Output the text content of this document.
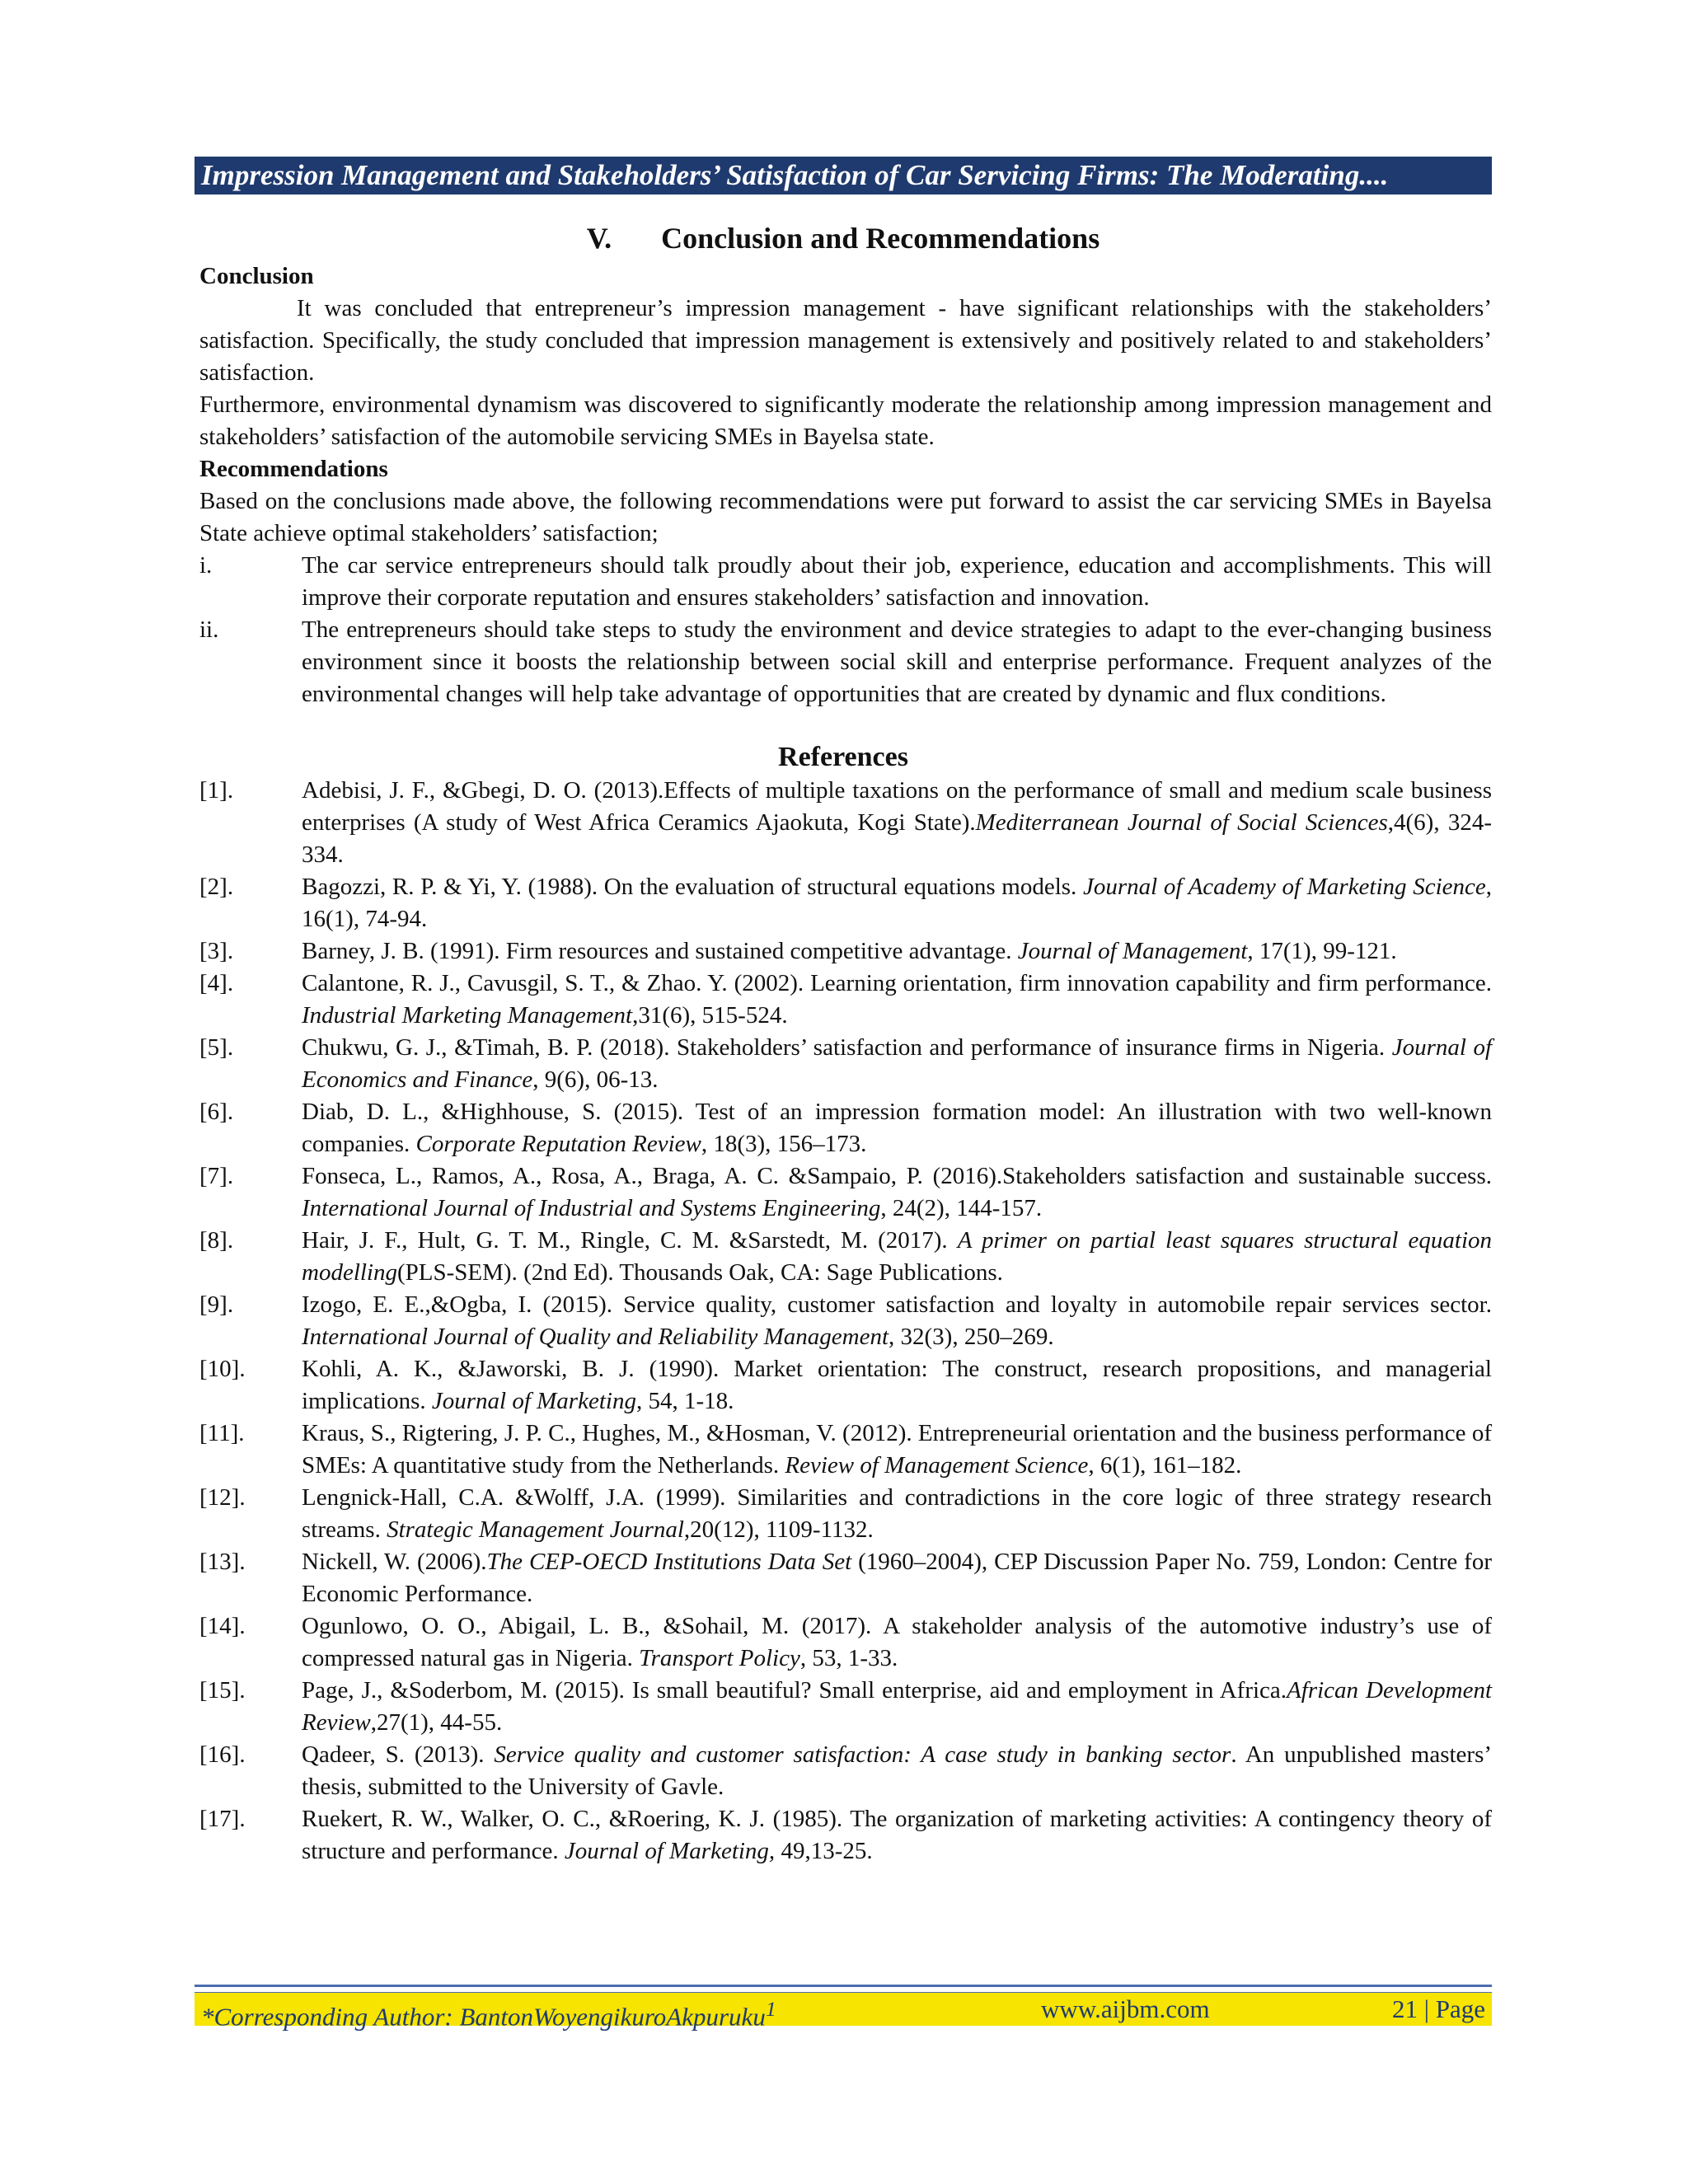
Impression Management and Stakeholders’ Satisfaction of Car Servicing Firms: The Moderating....
V. Conclusion and Recommendations
Conclusion

It was concluded that entrepreneur’s impression management - have significant relationships with the stakeholders’ satisfaction. Specifically, the study concluded that impression management is extensively and positively related to and stakeholders’ satisfaction.

Furthermore, environmental dynamism was discovered to significantly moderate the relationship among impression management and stakeholders’ satisfaction of the automobile servicing SMEs in Bayelsa state.

Recommendations

Based on the conclusions made above, the following recommendations were put forward to assist the car servicing SMEs in Bayelsa State achieve optimal stakeholders’ satisfaction;

i.	The car service entrepreneurs should talk proudly about their job, experience, education and accomplishments. This will improve their corporate reputation and ensures stakeholders’ satisfaction and innovation.
ii.	The entrepreneurs should take steps to study the environment and device strategies to adapt to the ever-changing business environment since it boosts the relationship between social skill and enterprise performance. Frequent analyzes of the environmental changes will help take advantage of opportunities that are created by dynamic and flux conditions.
References
[1].	Adebisi, J. F., &Gbegi, D. O. (2013).Effects of multiple taxations on the performance of small and medium scale business enterprises (A study of West Africa Ceramics Ajaokuta, Kogi State).Mediterranean Journal of Social Sciences,4(6), 324-334.
[2].	Bagozzi, R. P. & Yi, Y. (1988). On the evaluation of structural equations models. Journal of Academy of Marketing Science, 16(1), 74-94.
[3].	Barney, J. B. (1991). Firm resources and sustained competitive advantage. Journal of Management, 17(1), 99-121.
[4].	Calantone, R. J., Cavusgil, S. T., & Zhao. Y. (2002). Learning orientation, firm innovation capability and firm performance. Industrial Marketing Management,31(6), 515-524.
[5].	Chukwu, G. J., &Timah, B. P. (2018). Stakeholders’ satisfaction and performance of insurance firms in Nigeria. Journal of Economics and Finance, 9(6), 06-13.
[6].	Diab, D. L., &Highhouse, S. (2015). Test of an impression formation model: An illustration with two well-known companies. Corporate Reputation Review, 18(3), 156–173.
[7].	Fonseca, L., Ramos, A., Rosa, A., Braga, A. C. &Sampaio, P. (2016).Stakeholders satisfaction and sustainable success. International Journal of Industrial and Systems Engineering, 24(2), 144-157.
[8].	Hair, J. F., Hult, G. T. M., Ringle, C. M. &Sarstedt, M. (2017). A primer on partial least squares structural equation modelling(PLS-SEM). (2nd Ed). Thousands Oak, CA: Sage Publications.
[9].	Izogo, E. E.,&Ogba, I. (2015). Service quality, customer satisfaction and loyalty in automobile repair services sector. International Journal of Quality and Reliability Management, 32(3), 250–269.
[10]. Kohli, A. K., &Jaworski, B. J. (1990). Market orientation: The construct, research propositions, and managerial implications. Journal of Marketing, 54, 1-18.
[11]. Kraus, S., Rigtering, J. P. C., Hughes, M., &Hosman, V. (2012). Entrepreneurial orientation and the business performance of SMEs: A quantitative study from the Netherlands. Review of Management Science, 6(1), 161–182.
[12]. Lengnick-Hall, C.A. &Wolff, J.A. (1999). Similarities and contradictions in the core logic of three strategy research streams. Strategic Management Journal,20(12), 1109-1132.
[13]. Nickell, W. (2006).The CEP-OECD Institutions Data Set (1960–2004), CEP Discussion Paper No. 759, London: Centre for Economic Performance.
[14]. Ogunlowo, O. O., Abigail, L. B., &Sohail, M. (2017). A stakeholder analysis of the automotive industry’s use of compressed natural gas in Nigeria. Transport Policy, 53, 1-33.
[15]. Page, J., &Soderbom, M. (2015). Is small beautiful? Small enterprise, aid and employment in Africa.African Development Review,27(1), 44-55.
[16]. Qadeer, S. (2013). Service quality and customer satisfaction: A case study in banking sector. An unpublished masters’ thesis, submitted to the University of Gavle.
[17]. Ruekert, R. W., Walker, O. C., &Roering, K. J. (1985). The organization of marketing activities: A contingency theory of structure and performance. Journal of Marketing, 49,13-25.
*Corresponding Author: BantonWoyengikuroAkpuruku$^1$	www.aijbm.com	21 | Page
